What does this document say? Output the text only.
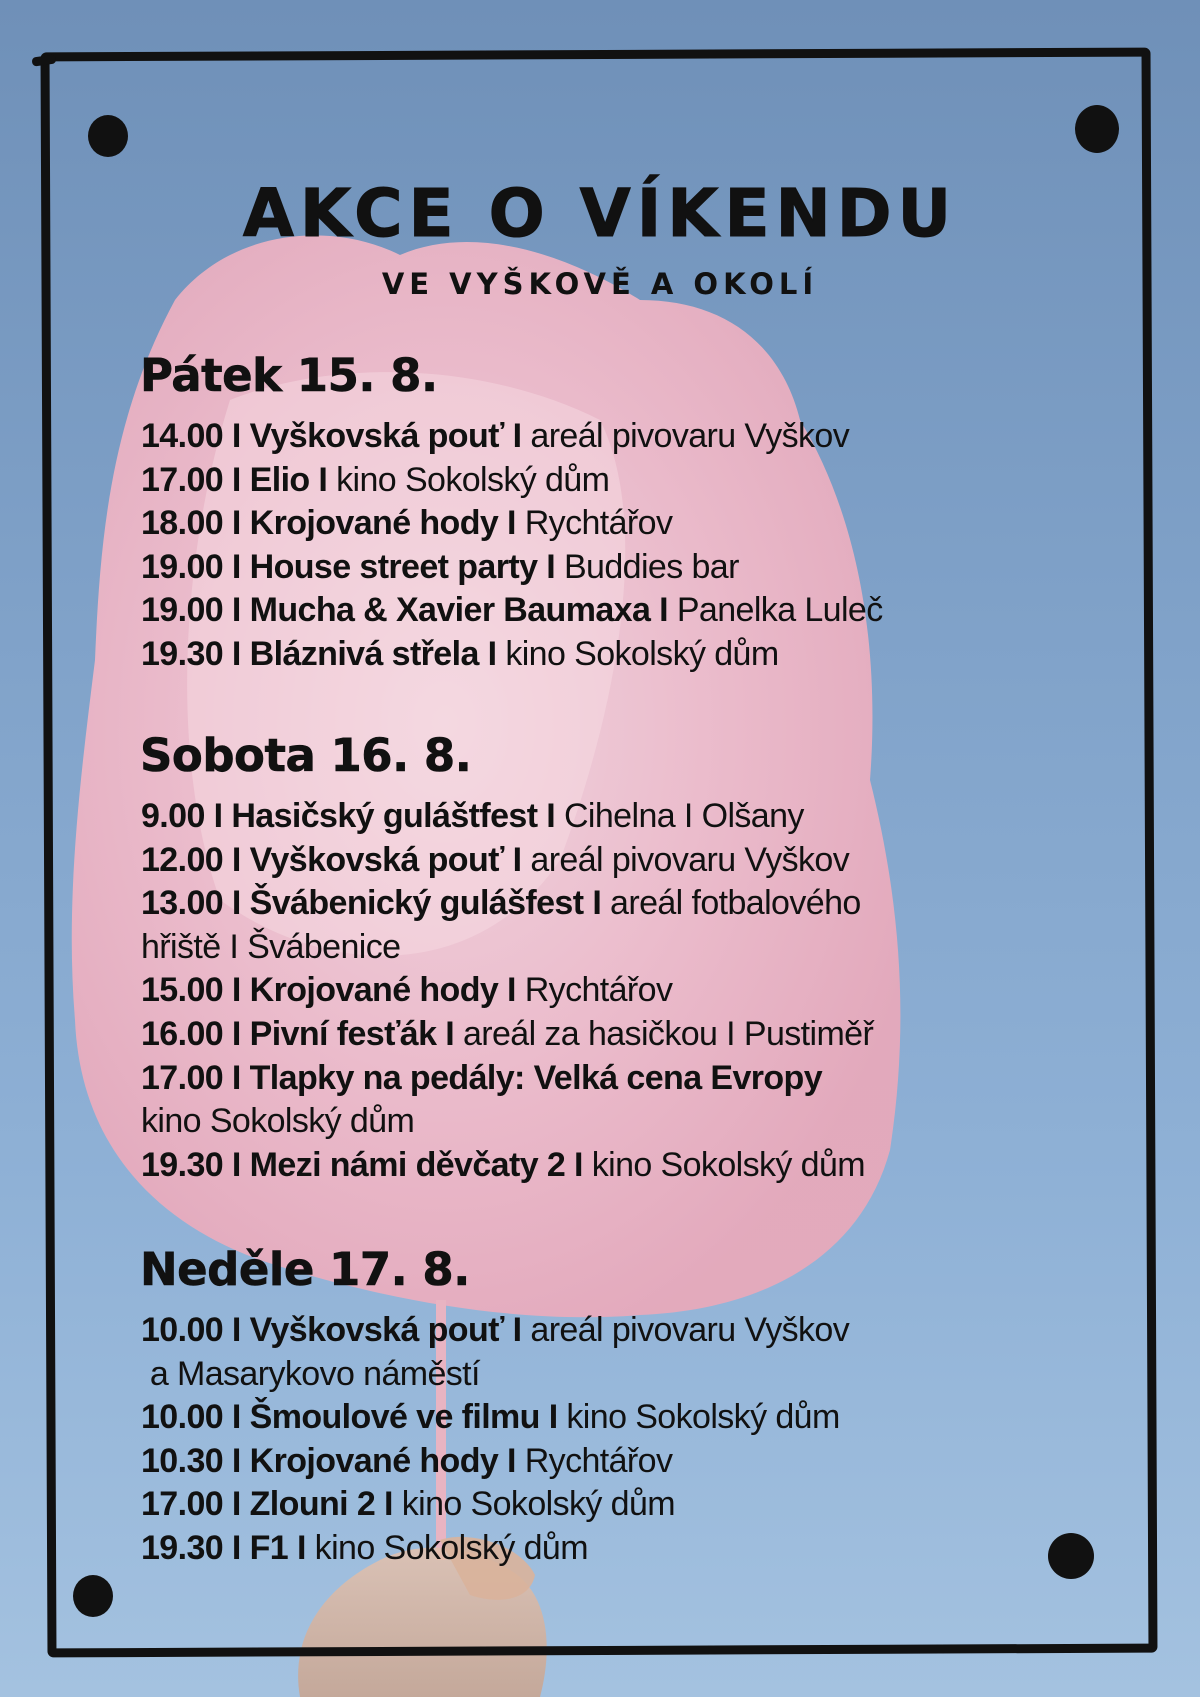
AKCE O VÍKENDU
VE VYŠKOVĚ A OKOLÍ
Pátek 15. 8.
14.00 I Vyškovská pouť I areál pivovaru Vyškov
17.00 I Elio I kino Sokolský dům
18.00 I Krojované hody I Rychtářov
19.00 I House street party I Buddies bar
19.00 I Mucha & Xavier Baumaxa I Panelka Luleč
19.30 I Bláznivá střela I kino Sokolský dům
Sobota 16. 8.
9.00 I Hasičský guláštfest I Cihelna I Olšany
12.00 I Vyškovská pouť I areál pivovaru Vyškov
13.00 I Švábenický gulášfest I areál fotbalového
hřiště I Švábenice
15.00 I Krojované hody I Rychtářov
16.00 I Pivní fesťák I areál za hasičkou I Pustiměř
17.00 I Tlapky na pedály: Velká cena Evropy
kino Sokolský dům
19.30 I Mezi námi děvčaty 2 I kino Sokolský dům
Neděle 17. 8.
10.00 I Vyškovská pouť I areál pivovaru Vyškov
a Masarykovo náměstí
10.00 I Šmoulové ve filmu I kino Sokolský dům
10.30 I Krojované hody I Rychtářov
17.00 I Zlouni 2 I kino Sokolský dům
19.30 I F1 I kino Sokolský dům
